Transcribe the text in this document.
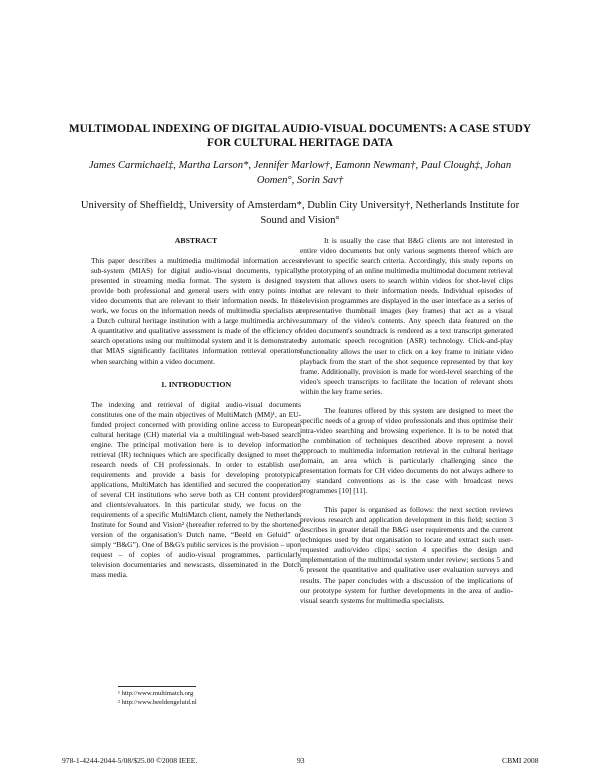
MULTIMODAL INDEXING OF DIGITAL AUDIO-VISUAL DOCUMENTS: A CASE STUDY FOR CULTURAL HERITAGE DATA
James Carmichael‡, Martha Larson*, Jennifer Marlow†, Eamonn Newman†, Paul Clough‡, Johan Oomen°, Sorin Sav†
University of Sheffield‡, University of Amsterdam*, Dublin City University†, Netherlands Institute for Sound and Vision°
ABSTRACT

This paper describes a multimedia multimodal information access sub-system (MIAS) for digital audio-visual documents, typically presented in streaming media format. The system is designed to provide both professional and general users with entry points into video documents that are relevant to their information needs. In this work, we focus on the information needs of multimedia specialists at a Dutch cultural heritage institution with a large multimedia archive. A quantitative and qualitative assessment is made of the efficiency of search operations using our multimodal system and it is demonstrated that MIAS significantly facilitates information retrieval operations when searching within a video document.

1. INTRODUCTION

The indexing and retrieval of digital audio-visual documents constitutes one of the main objectives of MultiMatch (MM)¹, an EU-funded project concerned with providing online access to European cultural heritage (CH) material via a multilingual web-based search engine. The principal motivation here is to develop information retrieval (IR) techniques which are specifically designed to meet the research needs of CH professionals. In order to establish user requirements and provide a basis for developing prototypical applications, MultiMatch has identified and secured the cooperation of several CH institutions who serve both as CH content providers and clients/evaluators. In this particular study, we focus on the requirements of a specific MultiMatch client, namely the Netherlands Institute for Sound and Vision² (hereafter referred to by the shortened version of the organisation's Dutch name, “Beeld en Geluid” or simply “B&G”). One of B&G's public services is the provision – upon request – of copies of audio-visual programmes, particularly television documentaries and newscasts, disseminated in the Dutch mass media.

It is usually the case that B&G clients are not interested in entire video documents but only various segments thereof which are relevant to specific search criteria. Accordingly, this study reports on the prototyping of an online multimedia multimodal document retrieval system that allows users to search within videos for shot-level clips that are relevant to their information needs. Individual episodes of television programmes are displayed in the user interface as a series of representative thumbnail images (key frames) that act as a visual summary of the video's contents. Any speech data featured on the video document's soundtrack is rendered as a text transcript generated by automatic speech recognition (ASR) technology. Click-and-play functionality allows the user to click on a key frame to initiate video playback from the start of the shot sequence represented by that key frame. Additionally, provision is made for word-level searching of the video's speech transcripts to facilitate the location of relevant shots within the key frame series.

The features offered by this system are designed to meet the specific needs of a group of video professionals and thus optimise their intra-video searching and browsing experience. It is to be noted that the combination of techniques described above represent a novel approach to multimedia information retrieval in the cultural heritage domain, an area which is particularly challenging since the presentation formats for CH video documents do not always adhere to any standard conventions as is the case with broadcast news programmes [10] [11].

This paper is organised as follows: the next section reviews previous research and application development in this field; section 3 describes in greater detail the B&G user requirements and the current techniques used by that organisation to locate and extract such user-requested audio/video clips; section 4 specifies the design and implementation of the multimodal system under review; sections 5 and 6 present the quantitative and qualitative user evaluation surveys and results. The paper concludes with a discussion of the implications of our prototype system for further developments in the area of audio-visual search systems for multimedia specialists.

¹ http://www.multimatch.org
² http://www.beeldengeluid.nl
978-1-4244-2044-5/08/$25.00 ©2008 IEEE.	93	CBMI 2008
